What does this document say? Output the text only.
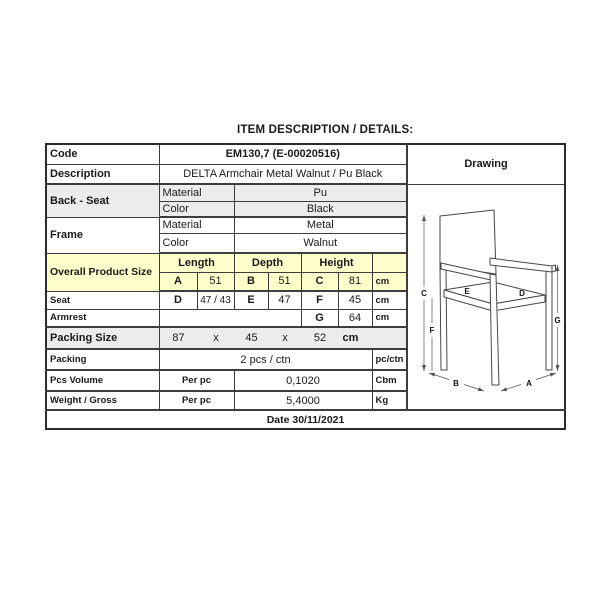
ITEM DESCRIPTION / DETAILS:
Code	EM130,7 (E-00020516)							Drawing
Description	DELTA Armchair Metal Walnut / Pu Black							
Back - Seat	Material	Pu	
C
F
G
B	A
E	D

	Color		Black					
Frame	Material		Metal					
	Color		Walnut					
Overall Product Size	Length		Depth		Height			
	A	51	B	51	C	81	cm	
Seat	D	47 / 43	E	47	F	45	cm	
Armrest					G	64	cm	
Packing Size	87	x	45	x	52	cm

Packing	2 pcs / ctn						pc/ctn	
Pcs Volume	Per pc		0,1020				Cbm	
Weight / Gross	Per pc		5,4000				Kg	
Date 30/11/2021								
